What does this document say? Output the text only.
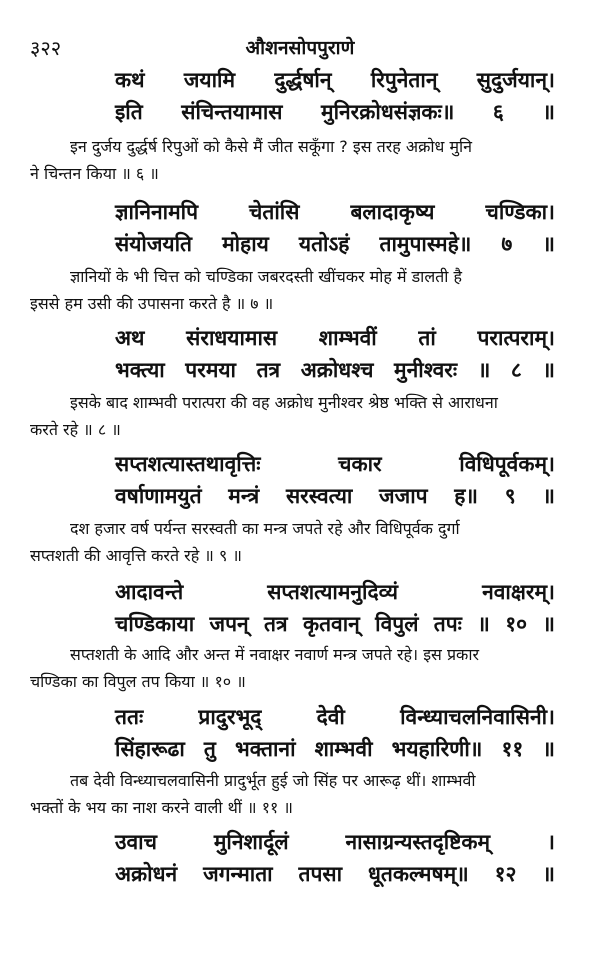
३२२	औशनसोपपुराणे
कथं जयामि दुर्द्धर्षान् रिपुनेतान् सुदुर्जयान्।
इति संचिन्तयामास मुनिरक्रोधसंज्ञकः॥ ६ ॥
इन दुर्जय दुर्द्धर्ष रिपुओं को कैसे मैं जीत सकूँगा ? इस तरह अक्रोध मुनि
ने चिन्तन किया ॥ ६ ॥
ज्ञानिनामपि चेतांसि बलादाकृष्य चण्डिका।
संयोजयति मोहाय यतोऽहं तामुपास्महे॥ ७ ॥
ज्ञानियों के भी चित्त को चण्डिका जबरदस्ती खींचकर मोह में डालती है
इससे हम उसी की उपासना करते है ॥ ७ ॥
अथ संराधयामास शाम्भवीं तां परात्पराम्।
भक्त्या परमया तत्र अक्रोधश्च मुनीश्वरः ॥ ८ ॥
इसके बाद शाम्भवी परात्परा की वह अक्रोध मुनीश्वर श्रेष्ठ भक्ति से आराधना
करते रहे ॥ ८ ॥
सप्तशत्यास्तथावृत्तिः	चकार	विधिपूर्वकम्।
वर्षाणामयुतं मन्त्रं सरस्वत्या जजाप ह॥ ९ ॥
दश हजार वर्ष पर्यन्त सरस्वती का मन्त्र जपते रहे और विधिपूर्वक दुर्गा
सप्तशती की आवृत्ति करते रहे ॥ ९ ॥
आदावन्ते	सप्तशत्यामनुदिव्यं	नवाक्षरम्।
चण्डिकाया जपन् तत्र कृतवान् विपुलं तपः ॥ १० ॥
सप्तशती के आदि और अन्त में नवाक्षर नवार्ण मन्त्र जपते रहे। इस प्रकार
चण्डिका का विपुल तप किया ॥ १० ॥
ततः	प्रादुरभूद्	देवी	विन्ध्याचलनिवासिनी।
सिंहारूढा तु भक्तानां शाम्भवी भयहारिणी॥ ११ ॥
तब देवी विन्ध्याचलवासिनी प्रादुर्भूत हुई जो सिंह पर आरूढ़ थीं। शाम्भवी
भक्तों के भय का नाश करने वाली थीं ॥ ११ ॥
उवाच	मुनिशार्दूलं	नासाग्रन्यस्तदृष्टिकम्	।
अक्रोधनं जगन्माता तपसा धूतकल्मषम्॥ १२ ॥
